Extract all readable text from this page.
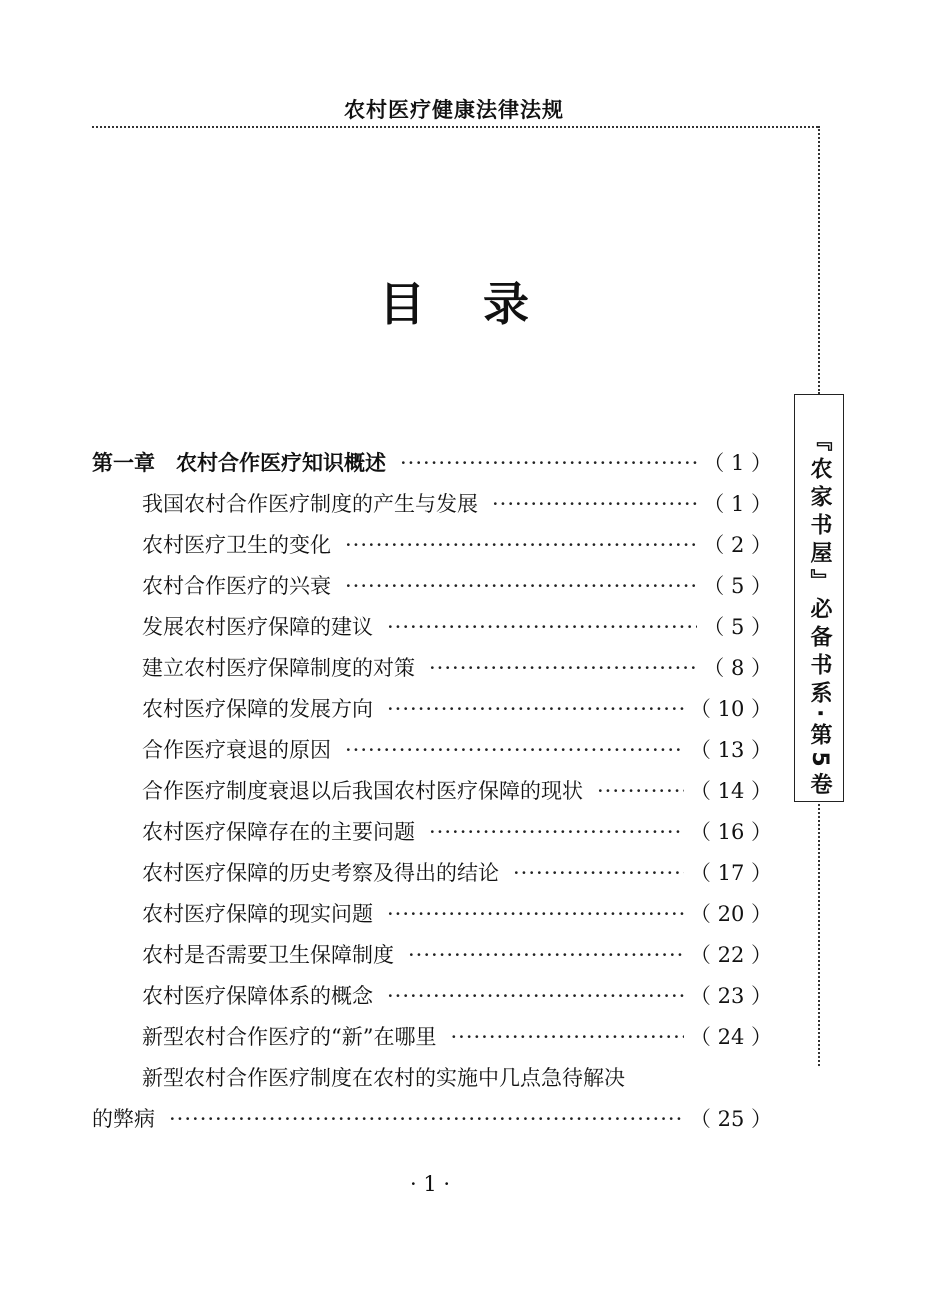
农村医疗健康法律法规
『农家书屋』必备书系·第5卷
目录
第一章　农村合作医疗知识概述 ·····	（ 1 ）
我国农村合作医疗制度的产生与发展 ·····	（ 1 ）
农村医疗卫生的变化 ·····	（ 2 ）
农村合作医疗的兴衰 ·····	（ 5 ）
发展农村医疗保障的建议 ·····	（ 5 ）
建立农村医疗保障制度的对策 ·····	（ 8 ）
农村医疗保障的发展方向 ·····	（ 10 ）
合作医疗衰退的原因 ·····	（ 13 ）
合作医疗制度衰退以后我国农村医疗保障的现状 ·····	（ 14 ）
农村医疗保障存在的主要问题 ·····	（ 16 ）
农村医疗保障的历史考察及得出的结论 ·····	（ 17 ）
农村医疗保障的现实问题 ·····	（ 20 ）
农村是否需要卫生保障制度 ·····	（ 22 ）
农村医疗保障体系的概念 ·····	（ 23 ）
新型农村合作医疗的“新”在哪里 ·····	（ 24 ）
新型农村合作医疗制度在农村的实施中几点急待解决
的弊病 ·····	（ 25 ）
· 1 ·
